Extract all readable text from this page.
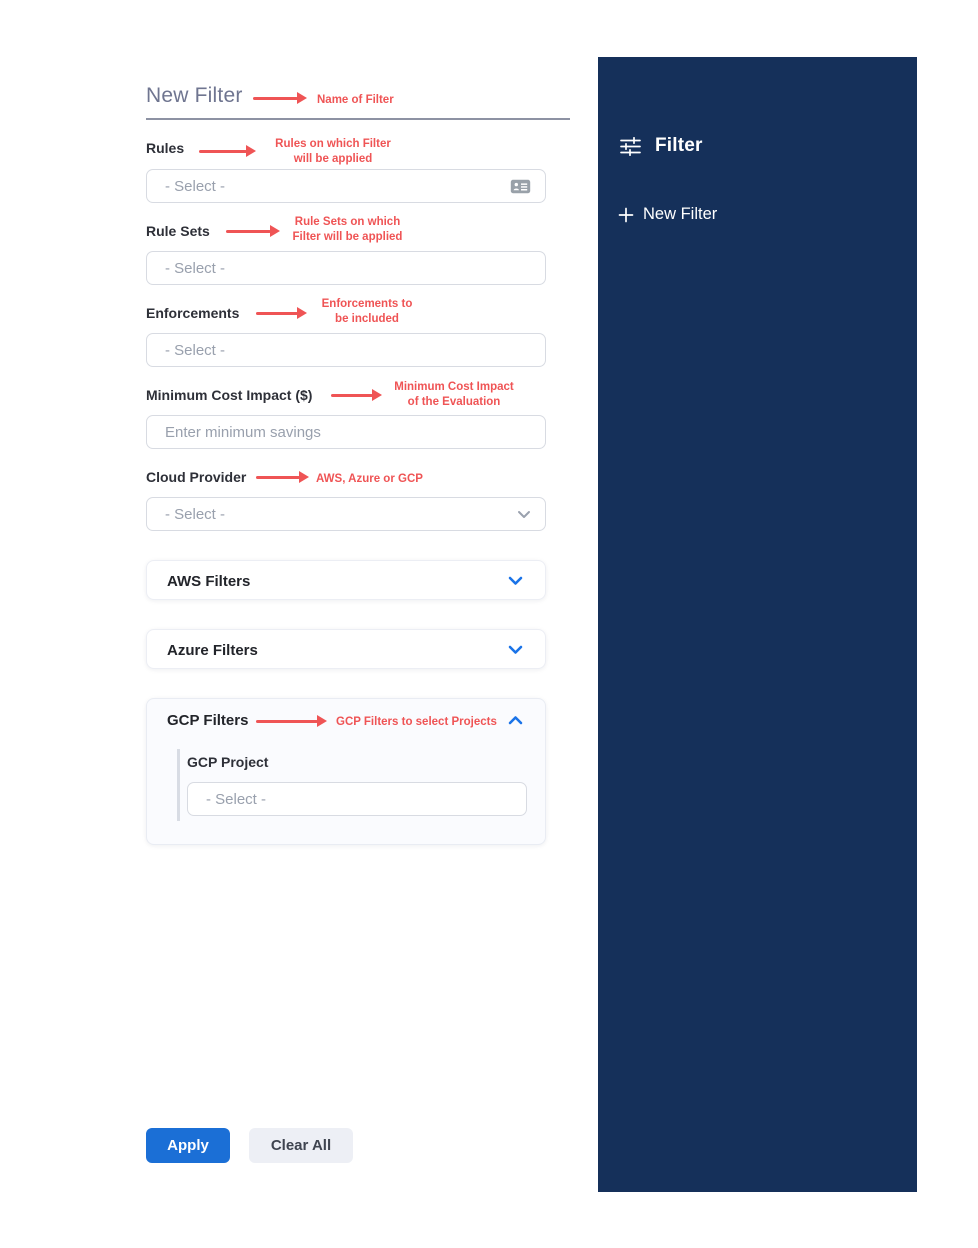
New Filter
Rules
- Select -
Rule Sets
- Select -
Enforcements
- Select -
Minimum Cost Impact ($)
Enter minimum savings
Cloud Provider
- Select -
AWS Filters
Azure Filters
GCP Filters
GCP Project
- Select -
Apply	Clear All
Name of Filter
Rules on which Filter
will be applied
Rule Sets on which
Filter will be applied
Enforcements to
be included
Minimum Cost Impact
of the Evaluation
AWS, Azure or GCP
GCP Filters to select Projects
Filter
New Filter
